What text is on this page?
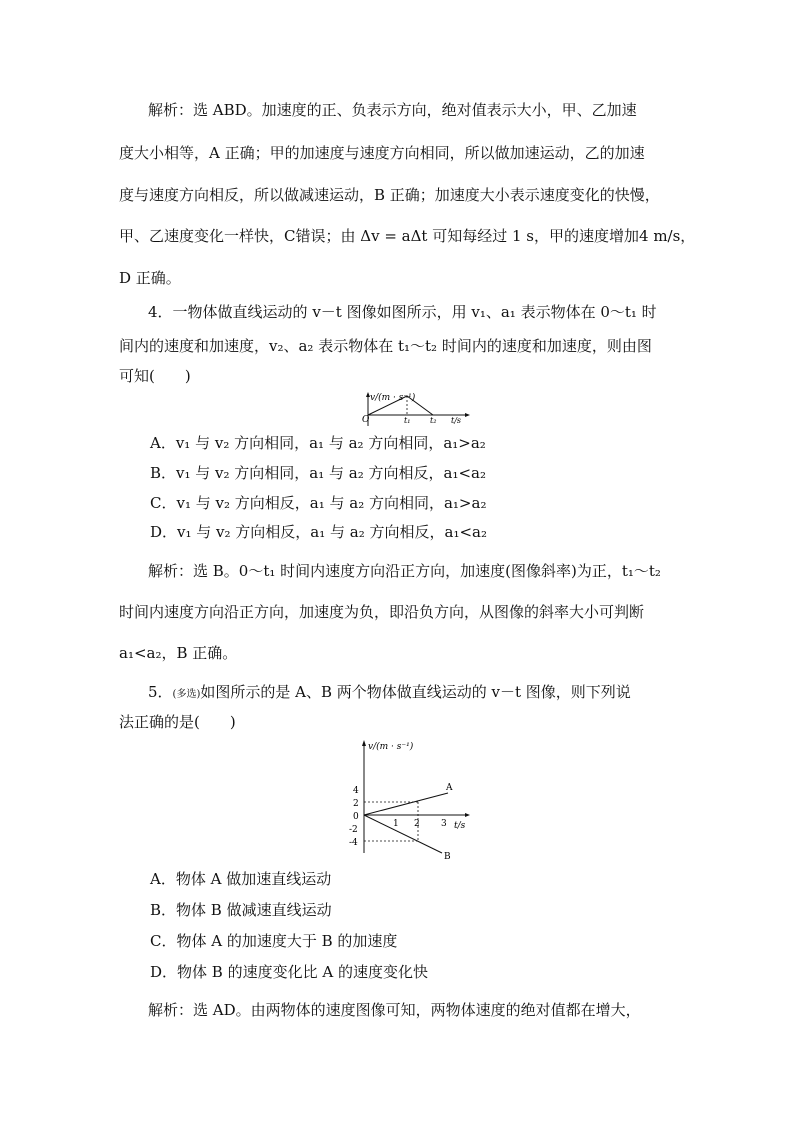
解析：选 ABD。加速度的正、负表示方向，绝对值表示大小，甲、乙加速
度大小相等，A 正确；甲的加速度与速度方向相同，所以做加速运动，乙的加速
度与速度方向相反，所以做减速运动，B 正确；加速度大小表示速度变化的快慢，
甲、乙速度变化一样快，C错误；由 Δv = aΔt 可知每经过 1 s，甲的速度增加4 m/s，
D 正确。
4．一物体做直线运动的 v－t 图像如图所示，用 v₁、a₁ 表示物体在 0～t₁ 时
间内的速度和加速度，v₂、a₂ 表示物体在 t₁～t₂ 时间内的速度和加速度，则由图
可知(　　)
v/(m · s⁻¹)
O	t₁ t₂ t/s
A．v₁ 与 v₂ 方向相同，a₁ 与 a₂ 方向相同，a₁>a₂
B．v₁ 与 v₂ 方向相同，a₁ 与 a₂ 方向相反，a₁<a₂
C．v₁ 与 v₂ 方向相反，a₁ 与 a₂ 方向相同，a₁>a₂
D．v₁ 与 v₂ 方向相反，a₁ 与 a₂ 方向相反，a₁<a₂
解析：选 B。0～t₁ 时间内速度方向沿正方向，加速度(图像斜率)为正，t₁～t₂
时间内速度方向沿正方向，加速度为负，即沿负方向，从图像的斜率大小可判断
a₁<a₂，B 正确。
5．(多选)如图所示的是 A、B 两个物体做直线运动的 v－t 图像，则下列说
法正确的是(　　)
v/(m · s⁻¹)
t/s
4
2
0
-2
-4
1 2 3
A
B
A．物体 A 做加速直线运动
B．物体 B 做减速直线运动
C．物体 A 的加速度大于 B 的加速度
D．物体 B 的速度变化比 A 的速度变化快
解析：选 AD。由两物体的速度图像可知，两物体速度的绝对值都在增大，
